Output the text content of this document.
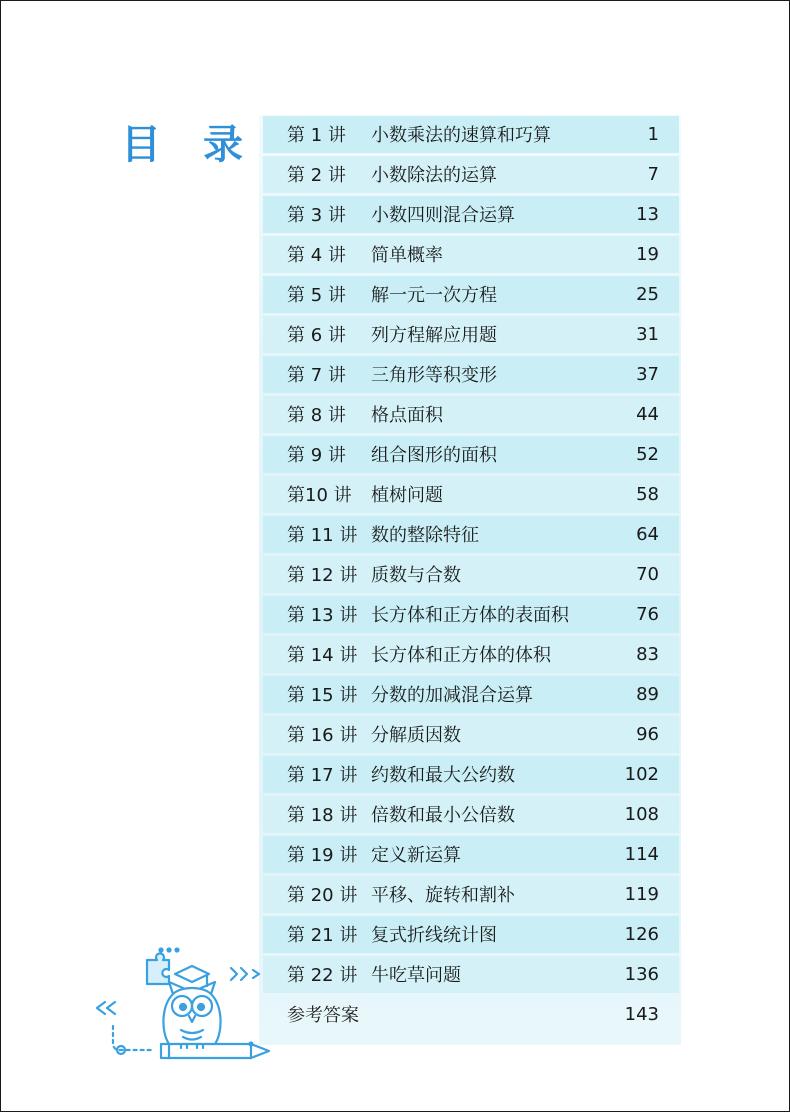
目 录 第 1 讲 小数乘法的速算和巧算	1
第 2 讲 小数除法的运算	7
第 3 讲 小数四则混合运算	13
第 4 讲 简单概率	19
第 5 讲 解一元一次方程	25
第 6 讲 列方程解应用题	31
第 7 讲 三角形等积变形	37
第 8 讲 格点面积	44
第 9 讲 组合图形的面积	52
第10 讲 植树问题	58
第 11 讲 数的整除特征	64
第 12 讲 质数与合数	70
第 13 讲 长方体和正方体的表面积	76
第 14 讲 长方体和正方体的体积	83
第 15 讲 分数的加减混合运算	89
第 16 讲 分解质因数	96
第 17 讲 约数和最大公约数	102
第 18 讲 倍数和最小公倍数	108
第 19 讲 定义新运算	114
第 20 讲 平移、旋转和割补	119
第 21 讲 复式折线统计图	126
第 22 讲 牛吃草问题	136
参考答案	143
